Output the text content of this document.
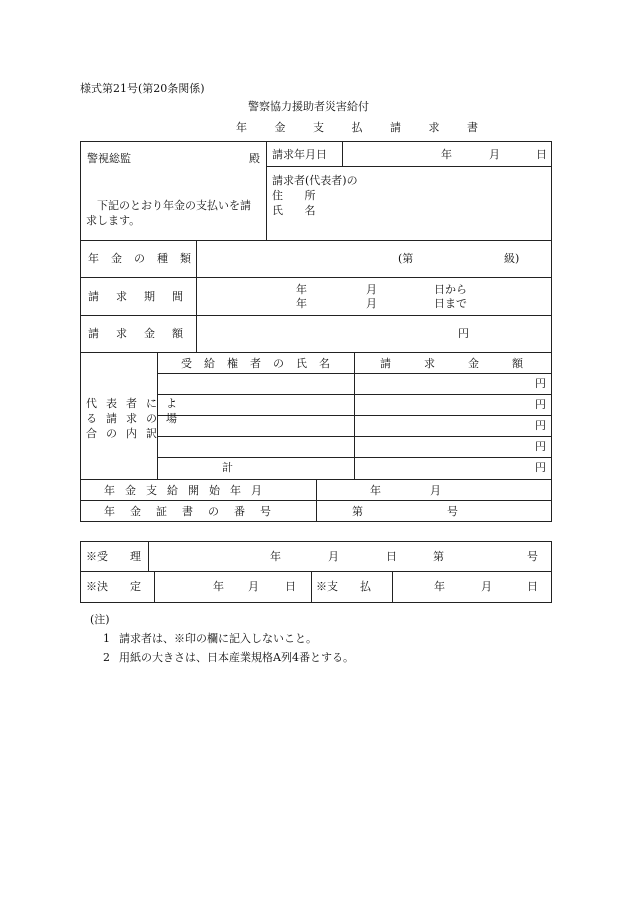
様式第21号(第20条関係)
警察協力援助者災害給付
年 金 支 払 請 求 書
警視総監	殿
下記のとおり年金の支払いを請
求します。
請求年月日	年	月	日
請求者(代表者)の
住 所
氏 名
年金の種類	(第	級)
請求期間
年	月	日から
年	月	日まで
請求金額	円
代表者によ
る請求の場
合の内訳
受給権者の氏名	請求金額
円
円
円
円
計	円
年金支給開始年月	年	月
年金証書の番号	第	号
※受　　理	年	月	日	第	号
※決　　定	年 月 日 ※支　　払	年	月	日
(注)
1 請求者は、※印の欄に記入しないこと。
2 用紙の大きさは、日本産業規格A列4番とする。
